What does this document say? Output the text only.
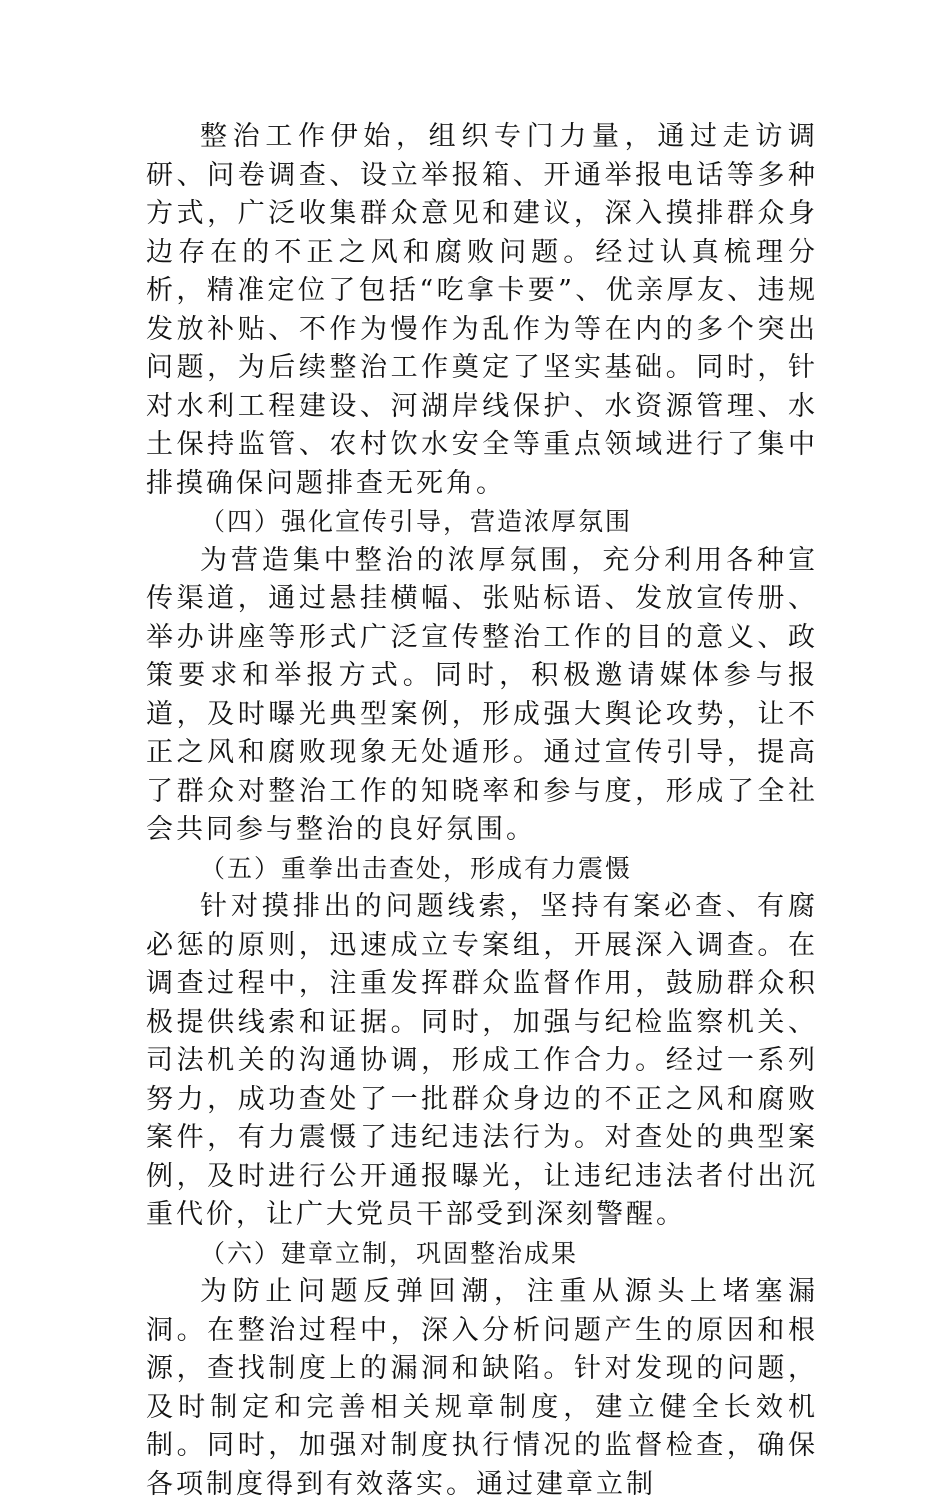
整治工作伊始，组织专门力量，通过走访调研、问卷调查、设立举报箱、开通举报电话等多种方式，广泛收集群众意见和建议，深入摸排群众身边存在的不正之风和腐败问题。经过认真梳理分析，精准定位了包括“吃拿卡要”、优亲厚友、违规发放补贴、不作为慢作为乱作为等在内的多个突出问题，为后续整治工作奠定了坚实基础。同时，针对水利工程建设、河湖岸线保护、水资源管理、水土保持监管、农村饮水安全等重点领域进行了集中排摸确保问题排查无死角。

（四）强化宣传引导，营造浓厚氛围

为营造集中整治的浓厚氛围，充分利用各种宣传渠道，通过悬挂横幅、张贴标语、发放宣传册、举办讲座等形式广泛宣传整治工作的目的意义、政策要求和举报方式。同时，积极邀请媒体参与报道，及时曝光典型案例，形成强大舆论攻势，让不正之风和腐败现象无处遁形。通过宣传引导，提高了群众对整治工作的知晓率和参与度，形成了全社会共同参与整治的良好氛围。

（五）重拳出击查处，形成有力震慑

针对摸排出的问题线索，坚持有案必查、有腐必惩的原则，迅速成立专案组，开展深入调查。在调查过程中，注重发挥群众监督作用，鼓励群众积极提供线索和证据。同时，加强与纪检监察机关、司法机关的沟通协调，形成工作合力。经过一系列努力，成功查处了一批群众身边的不正之风和腐败案件，有力震慑了违纪违法行为。对查处的典型案例，及时进行公开通报曝光，让违纪违法者付出沉重代价，让广大党员干部受到深刻警醒。

（六）建章立制，巩固整治成果

为防止问题反弹回潮，注重从源头上堵塞漏洞。在整治过程中，深入分析问题产生的原因和根源，查找制度上的漏洞和缺陷。针对发现的问题，及时制定和完善相关规章制度，建立健全长效机制。同时，加强对制度执行情况的监督检查，确保各项制度得到有效落实。通过建章立制
